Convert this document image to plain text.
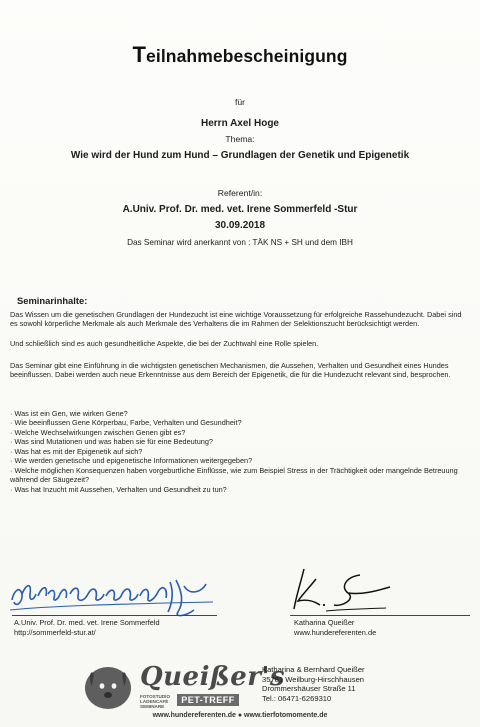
Teilnahmebescheinigung
für
Herrn Axel Hoge
Thema:
Wie wird der Hund zum Hund – Grundlagen der Genetik und Epigenetik
Referent/in:
A.Univ. Prof. Dr. med. vet. Irene Sommerfeld -Stur
30.09.2018
Das Seminar wird anerkannt von : TÄK NS + SH und dem IBH
Seminarinhalte:
Das Wissen um die genetischen Grundlagen der Hundezucht ist eine wichtige Voraussetzung für erfolgreiche Rassehundezucht. Dabei sind es sowohl körperliche Merkmale als auch Merkmale des Verhaltens die im Rahmen der Selektionszucht berücksichtigt werden.
Und schließlich sind es auch gesundheitliche Aspekte, die bei der Zuchtwahl eine Rolle spielen.
Das Seminar gibt eine Einführung in die wichtigsten genetischen Mechanismen, die Aussehen, Verhalten und Gesundheit eines Hundes beeinflussen. Dabei werden auch neue Erkenntnisse aus dem Bereich der Epigenetik, die für die Hundezucht relevant sind, besprochen.
· Was ist ein Gen, wie wirken Gene?
· Wie beeinflussen Gene Körperbau, Farbe, Verhalten und Gesundheit?
· Welche Wechselwirkungen zwischen Genen gibt es?
· Was sind Mutationen und was haben sie für eine Bedeutung?
· Was hat es mit der Epigenetik auf sich?
· Wie werden genetische und epigenetische Informationen weitergegeben?
· Welche möglichen Konsequenzen haben vorgeburtliche Einflüsse, wie zum Beispiel Stress in der Trächtigkeit oder mangelnde Betreuung während der Säugezeit?
· Was hat Inzucht mit Aussehen, Verhalten und Gesundheit zu tun?
A.Univ. Prof. Dr. med. vet. Irene Sommerfeld
http://sommerfeld-stur.at/
Katharina Queißer
www.hundereferenten.de
Queißer's
FOTOSTUDIO
LADENCAFÉ
SEMINARE
PET-TREFF
Katharina & Bernhard Queißer
35781 Weilburg-Hirschhausen
Drommershäuser Straße 11
Tel.: 06471-6269310
www.hundereferenten.de ● www.tierfotomomente.de
